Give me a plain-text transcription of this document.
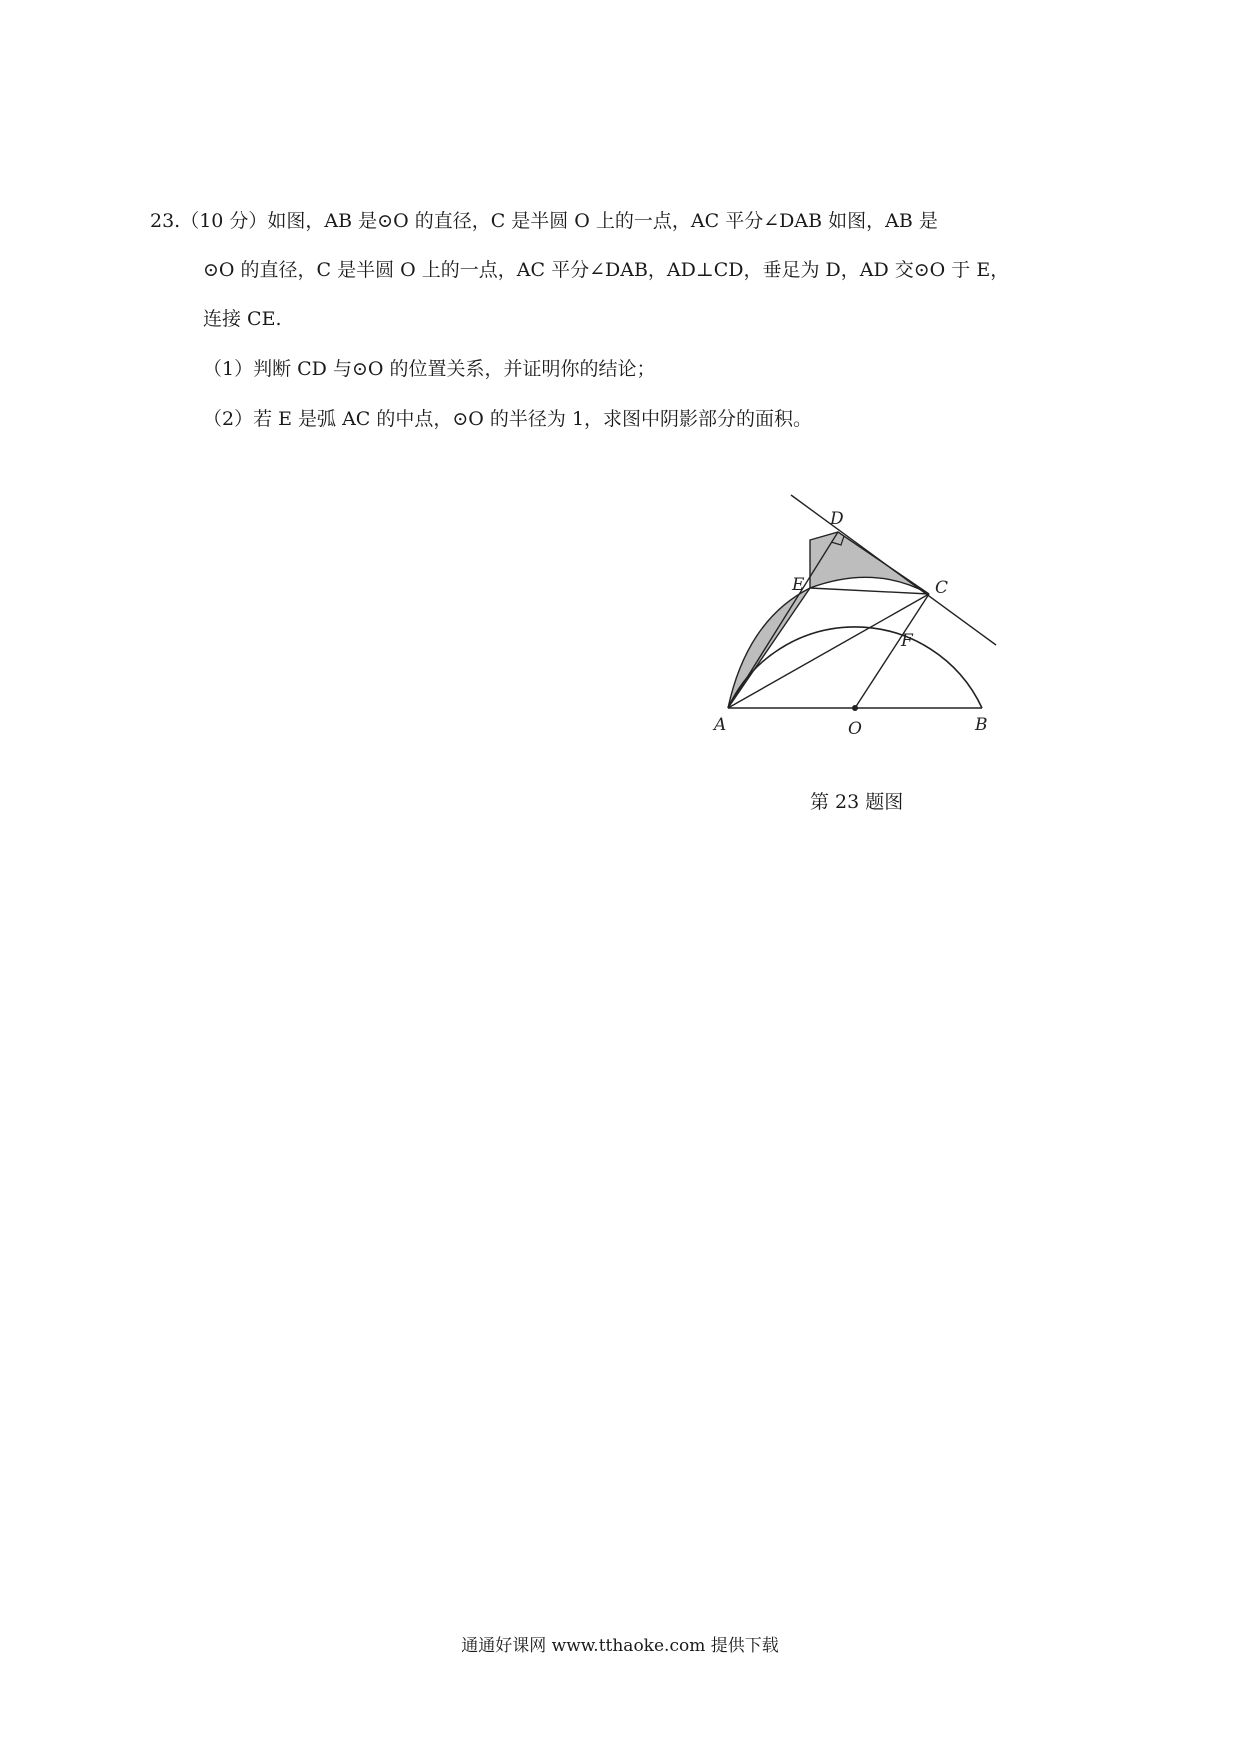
23.（10 分）如图，AB 是⊙O 的直径，C 是半圆 O 上的一点，AC 平分∠DAB 如图，AB 是
⊙O 的直径，C 是半圆 O 上的一点，AC 平分∠DAB，AD⊥CD，垂足为 D，AD 交⊙O 于 E，
连接 CE.
（1）判断 CD 与⊙O 的位置关系，并证明你的结论；
（2）若 E 是弧 AC 的中点，⊙O 的半径为 1，求图中阴影部分的面积。
D
E	C
F
A	O	B
第 23 题图
通通好课网 www.tthaoke.com 提供下载
